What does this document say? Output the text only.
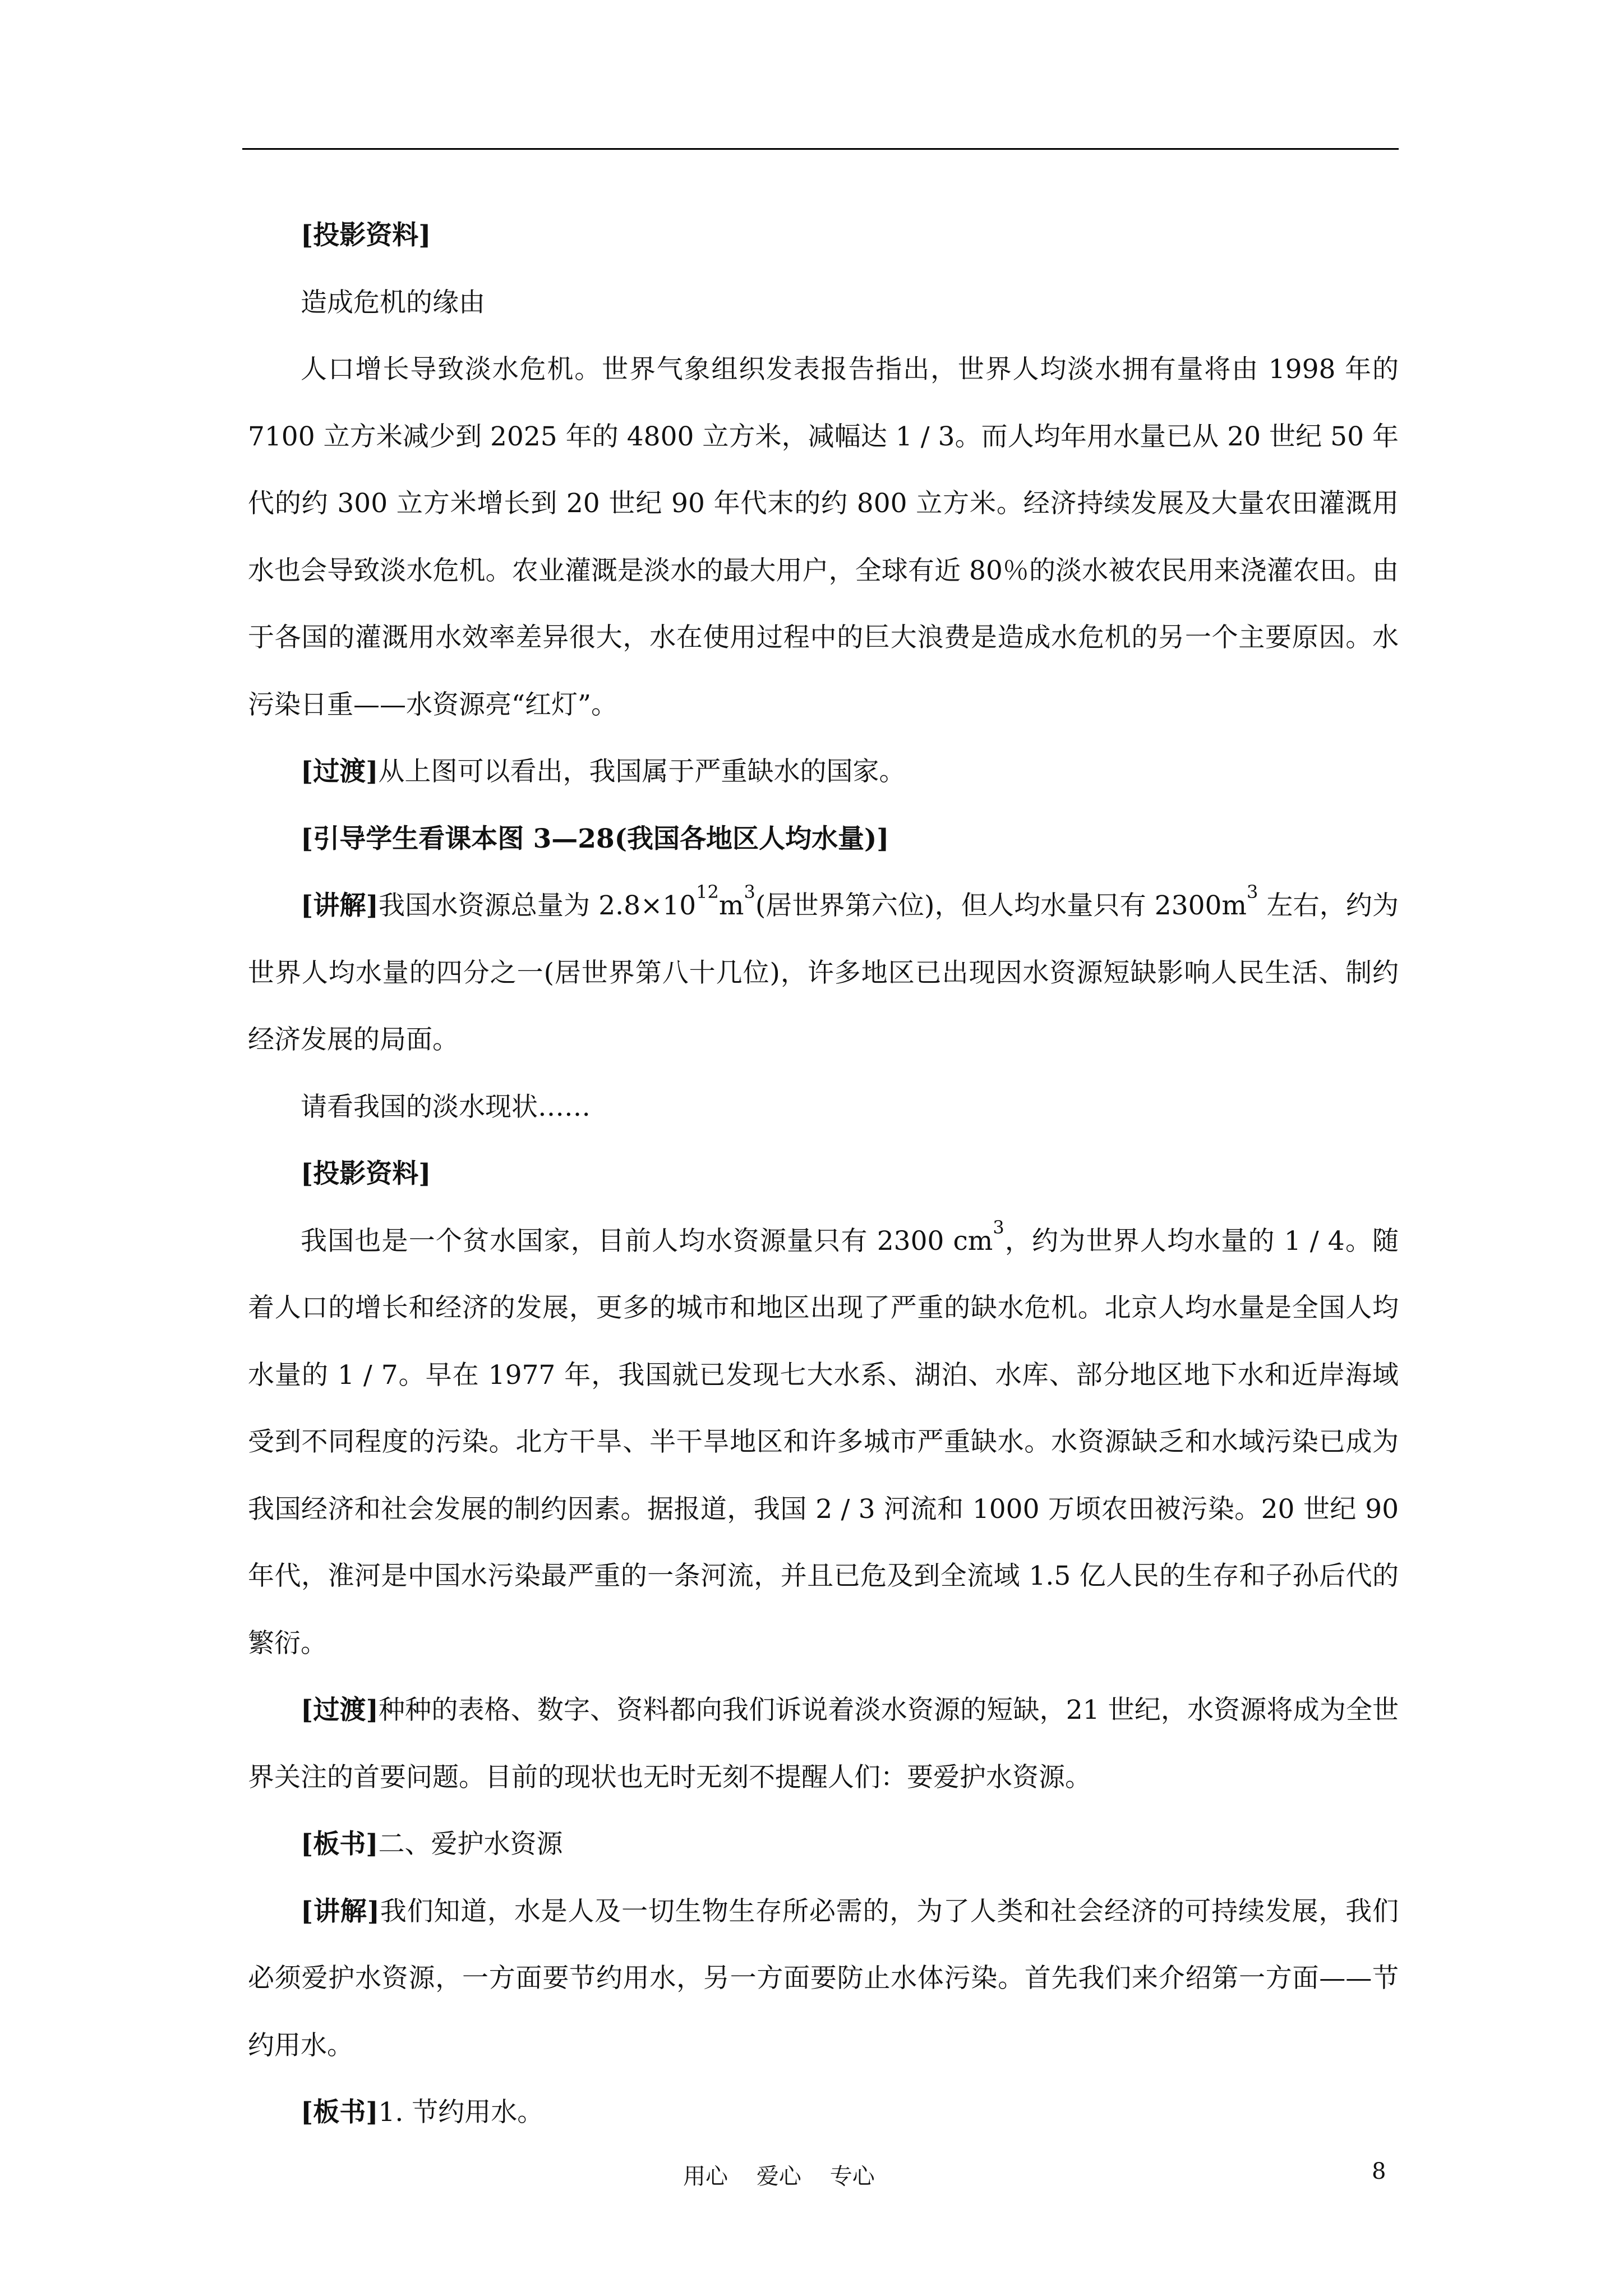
[投影资料]

造成危机的缘由

人口增长导致淡水危机。世界气象组织发表报告指出，世界人均淡水拥有量将由 1998 年的 7100 立方米减少到 2025 年的 4800 立方米，减幅达 1 / 3。而人均年用水量已从 20 世纪 50 年代的约 300 立方米增长到 20 世纪 90 年代末的约 800 立方米。经济持续发展及大量农田灌溉用水也会导致淡水危机。农业灌溉是淡水的最大用户，全球有近 80％的淡水被农民用来浇灌农田。由于各国的灌溉用水效率差异很大，水在使用过程中的巨大浪费是造成水危机的另一个主要原因。水污染日重——水资源亮“红灯”。

[过渡]从上图可以看出，我国属于严重缺水的国家。

[引导学生看课本图 3—28(我国各地区人均水量)]

[讲解]我国水资源总量为 $2.8\times 10^{12}m^3$(居世界第六位)，但人均水量只有 $2300m^3$ 左右，约为世界人均水量的四分之一(居世界第八十几位)，许多地区已出现因水资源短缺影响人民生活、制约经济发展的局面。

请看我国的淡水现状……

[投影资料]

我国也是一个贫水国家，目前人均水资源量只有 2300 $cm^3$，约为世界人均水量的 1 / 4。随着人口的增长和经济的发展，更多的城市和地区出现了严重的缺水危机。北京人均水量是全国人均水量的 1 / 7。早在 1977 年，我国就已发现七大水系、湖泊、水库、部分地区地下水和近岸海域受到不同程度的污染。北方干旱、半干旱地区和许多城市严重缺水。水资源缺乏和水域污染已成为我国经济和社会发展的制约因素。据报道，我国 2 / 3 河流和 1000 万顷农田被污染。20 世纪 90 年代，淮河是中国水污染最严重的一条河流，并且已危及到全流域 1.5 亿人民的生存和子孙后代的繁衍。

[过渡]种种的表格、数字、资料都向我们诉说着淡水资源的短缺，21 世纪，水资源将成为全世界关注的首要问题。目前的现状也无时无刻不提醒人们：要爱护水资源。

[板书]二、爱护水资源

[讲解]我们知道，水是人及一切生物生存所必需的，为了人类和社会经济的可持续发展，我们必须爱护水资源，一方面要节约用水，另一方面要防止水体污染。首先我们来介绍第一方面——节约用水。

[板书]1. 节约用水。

用心    爱心    专心	8
